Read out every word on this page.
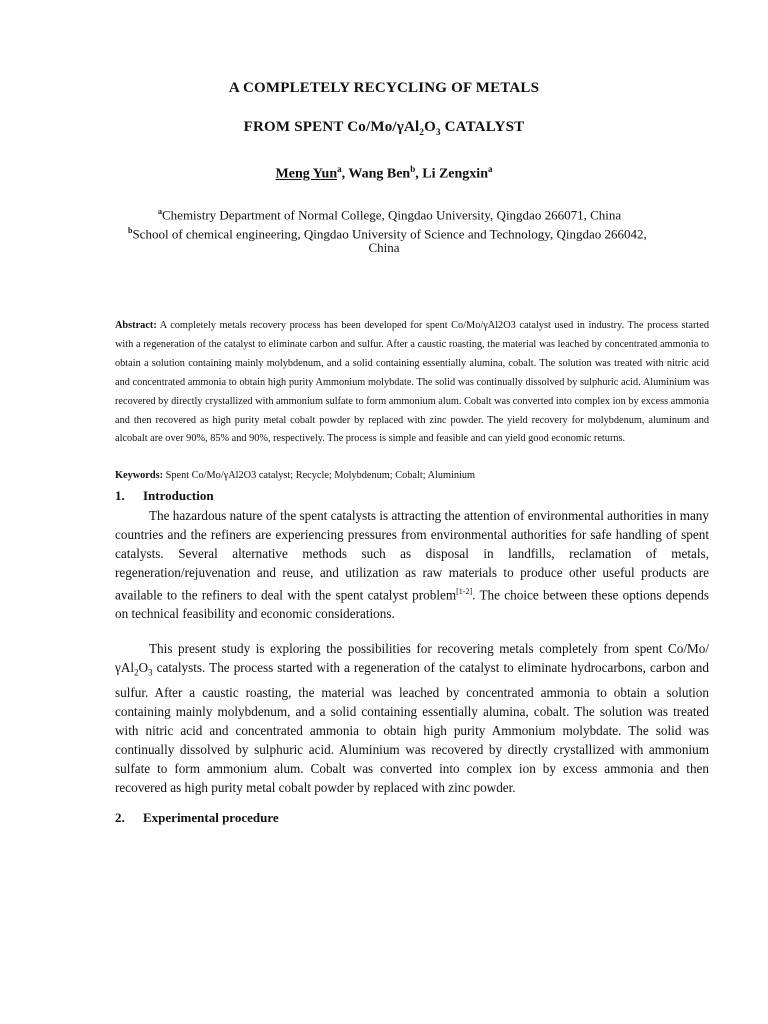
A COMPLETELY RECYCLING OF METALS
FROM SPENT $Co/Mo/\gamma Al_2O_3$ CATALYST
Meng Yun$^a$, Wang Ben$^b$, Li Zengxin$^a$
$^a$Chemistry Department of Normal College, Qingdao University, Qingdao 266071, China
$^b$School of chemical engineering, Qingdao University of Science and Technology, Qingdao 266042,
China
Abstract: A completely metals recovery process has been developed for spent Co/Mo/γAl2O3 catalyst used in industry. The process started with a regeneration of the catalyst to eliminate carbon and sulfur. After a caustic roasting, the material was leached by concentrated ammonia to obtain a solution containing mainly molybdenum, and a solid containing essentially alumina, cobalt. The solution was treated with nitric acid and concentrated ammonia to obtain high purity Ammonium molybdate. The solid was continually dissolved by sulphuric acid. Aluminium was recovered by directly crystallized with ammonium sulfate to form ammonium alum. Cobalt was converted into complex ion by excess ammonia and then recovered as high purity metal cobalt powder by replaced with zinc powder. The yield recovery for molybdenum, aluminum and alcobalt are over 90%, 85% and 90%, respectively. The process is simple and feasible and can yield good economic returns.
Keywords: Spent Co/Mo/γAl2O3 catalyst; Recycle; Molybdenum; Cobalt; Aluminium
1. Introduction

The hazardous nature of the spent catalysts is attracting the attention of environmental authorities in many countries and the refiners are experiencing pressures from environmental authorities for safe handling of spent catalysts. Several alternative methods such as disposal in landfills, reclamation of metals, regeneration/rejuvenation and reuse, and utilization as raw materials to produce other useful products are available to the refiners to deal with the spent catalyst problem[1-2]. The choice between these options depends on technical feasibility and economic considerations.

This present study is exploring the possibilities for recovering metals completely from spent $Co/Mo/\gamma Al_2O_3$ catalysts. The process started with a regeneration of the catalyst to eliminate hydrocarbons, carbon and sulfur. After a caustic roasting, the material was leached by concentrated ammonia to obtain a solution containing mainly molybdenum, and a solid containing essentially alumina, cobalt. The solution was treated with nitric acid and concentrated ammonia to obtain high purity Ammonium molybdate. The solid was continually dissolved by sulphuric acid. Aluminium was recovered by directly crystallized with ammonium sulfate to form ammonium alum. Cobalt was converted into complex ion by excess ammonia and then recovered as high purity metal cobalt powder by replaced with zinc powder.

2. Experimental procedure
